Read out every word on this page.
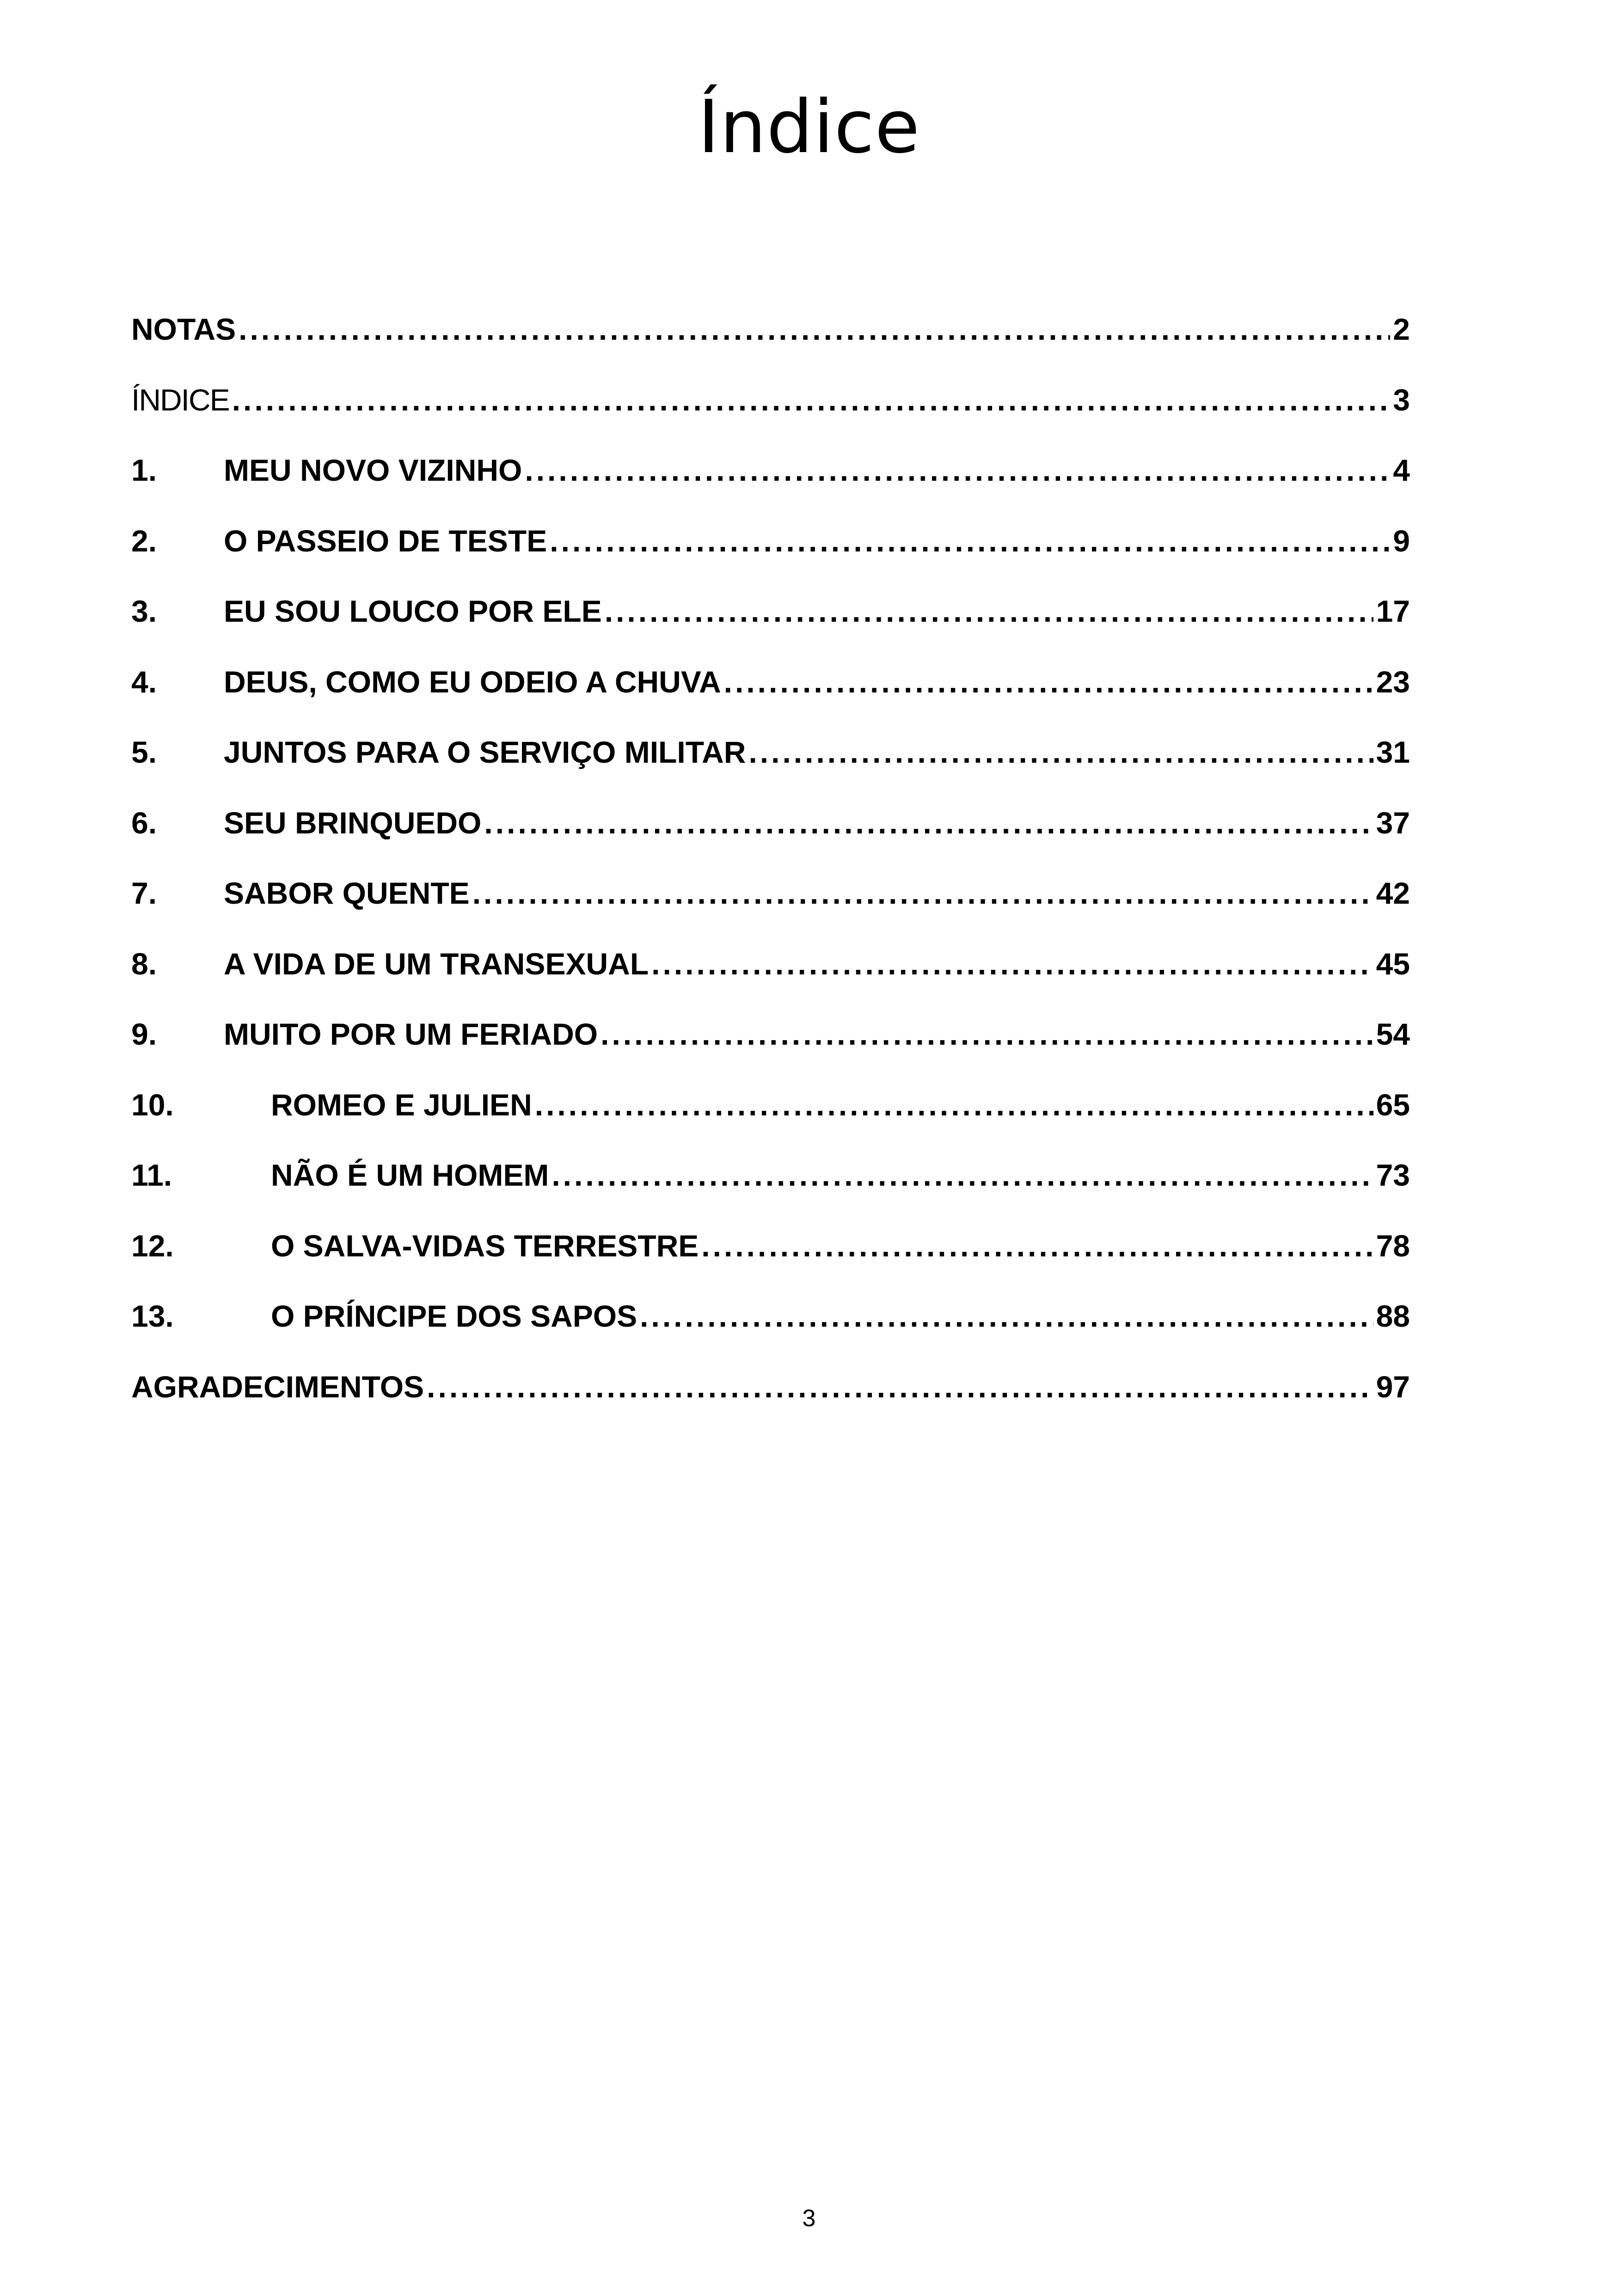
Índice
NOTAS .....	2
ÍNDICE .....	3
1.	MEU NOVO VIZINHO .....	4
2.	O PASSEIO DE TESTE .....	9
3.	EU SOU LOUCO POR ELE .....	17
4.	DEUS, COMO EU ODEIO A CHUVA .....	23
5.	JUNTOS PARA O SERVIÇO MILITAR .....	31
6.	SEU BRINQUEDO .....	37
7.	SABOR QUENTE .....	42
8.	A VIDA DE UM TRANSEXUAL .....	45
9.	MUITO POR UM FERIADO .....	54
10.	ROMEO E JULIEN .....	65
11.	NÃO É UM HOMEM .....	73
12.	O SALVA-VIDAS TERRESTRE .....	78
13.	O PRÍNCIPE DOS SAPOS .....	88
AGRADECIMENTOS .....	97
3
